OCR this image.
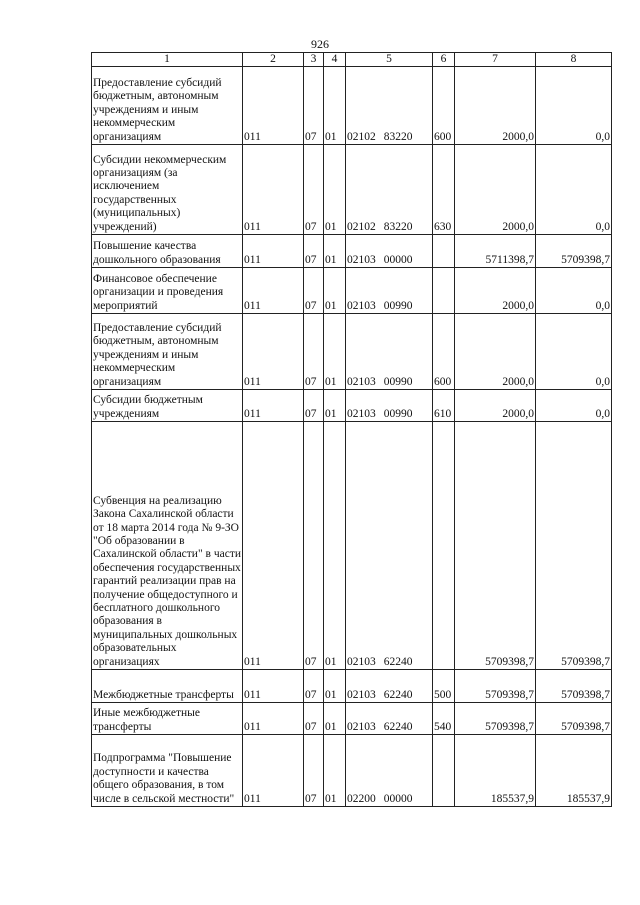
926
1	2	3	4	5	6	7	8
Предоставление субсидий бюджетным, автономным учреждениям и иным некоммерческим организациям	011	07	01	02102 83220	600	2000,0	0,0
Субсидии некоммерческим организациям (за исключением государственных (муниципальных) учреждений)	011	07	01	02102 83220	630	2000,0	0,0
Повышение качества дошкольного образования	011	07	01	02103 00000		5711398,7	5709398,7
Финансовое обеспечение организации и проведения мероприятий	011	07	01	02103 00990		2000,0	0,0
Предоставление субсидий бюджетным, автономным учреждениям и иным некоммерческим организациям	011	07	01	02103 00990	600	2000,0	0,0
Субсидии бюджетным учреждениям	011	07	01	02103 00990	610	2000,0	0,0
Субвенция на реализацию Закона Сахалинской области от 18 марта 2014 года № 9-ЗО "Об образовании в Сахалинской области" в части обеспечения государственных гарантий реализации прав на получение общедоступного и бесплатного дошкольного образования в муниципальных дошкольных образовательных организациях	011	07	01	02103 62240		5709398,7	5709398,7
Межбюджетные трансферты	011	07	01	02103 62240	500	5709398,7	5709398,7
Иные межбюджетные трансферты	011	07	01	02103 62240	540	5709398,7	5709398,7
Подпрограмма "Повышение доступности и качества общего образования, в том числе в сельской местности"	011	07	01	02200 00000		185537,9	185537,9
